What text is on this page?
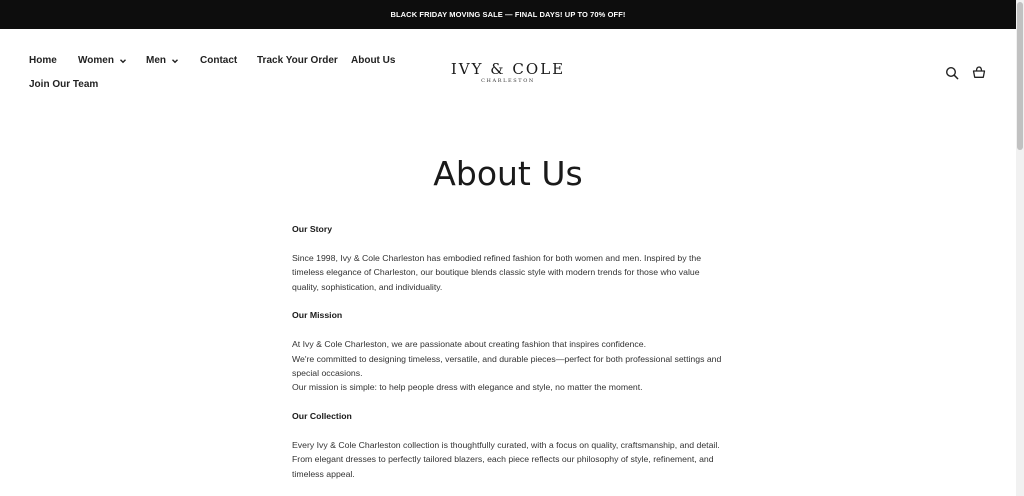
BLACK FRIDAY MOVING SALE — FINAL DAYS! UP TO 70% OFF!
Home Women	Men	Contact Track Your Order About Us
Join Our Team
IVY & COLE
CHARLESTON
About Us
Our Story

Since 1998, Ivy & Cole Charleston has embodied refined fashion for both women and men. Inspired by the timeless elegance of Charleston, our boutique blends classic style with modern trends for those who value quality, sophistication, and individuality.

Our Mission

At Ivy & Cole Charleston, we are passionate about creating fashion that inspires confidence.

We're committed to designing timeless, versatile, and durable pieces—perfect for both professional settings and special occasions.

Our mission is simple: to help people dress with elegance and style, no matter the moment.

Our Collection

Every Ivy & Cole Charleston collection is thoughtfully curated, with a focus on quality, craftsmanship, and detail.

From elegant dresses to perfectly tailored blazers, each piece reflects our philosophy of style, refinement, and timeless appeal.
